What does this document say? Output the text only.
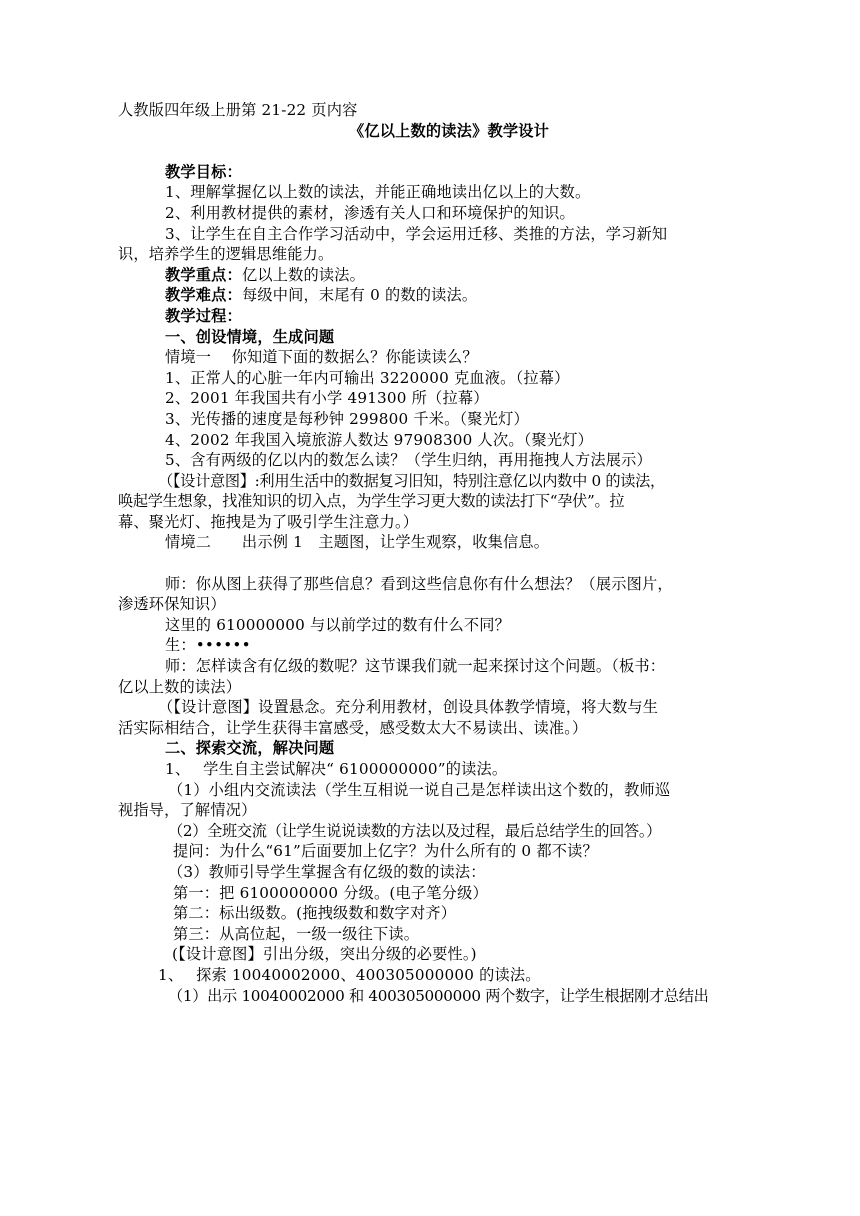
人教版四年级上册第 21-22 页内容
《亿以上数的读法》教学设计
教学目标：
1、理解掌握亿以上数的读法，并能正确地读出亿以上的大数。
2、利用教材提供的素材，渗透有关人口和环境保护的知识。
3、让学生在自主合作学习活动中，学会运用迁移、类推的方法，学习新知
识，培养学生的逻辑思维能力。
教学重点：亿以上数的读法。
教学难点：每级中间，末尾有 0 的数的读法。
教学过程：
一、创设情境，生成问题
情境一　 你知道下面的数据么？你能读读么？
1、正常人的心脏一年内可输出 3220000 克血液。（拉幕）
2、2001 年我国共有小学 491300 所（拉幕）
3、光传播的速度是每秒钟 299800 千米。（聚光灯）
4、2002 年我国入境旅游人数达 97908300 人次。（聚光灯）
5、含有两级的亿以内的数怎么读？（学生归纳，再用拖拽人方法展示）
（【设计意图】:利用生活中的数据复习旧知，特别注意亿以内数中 0 的读法，
唤起学生想象，找准知识的切入点，为学生学习更大数的读法打下“孕伏”。拉
幕、聚光灯、拖拽是为了吸引学生注意力。）
情境二　　出示例 1　主题图，让学生观察，收集信息。
师：你从图上获得了那些信息？看到这些信息你有什么想法？（展示图片，
渗透环保知识）
这里的 610000000 与以前学过的数有什么不同？
生：••••••
师：怎样读含有亿级的数呢？这节课我们就一起来探讨这个问题。（板书：
亿以上数的读法）
（【设计意图】设置悬念。充分利用教材，创设具体教学情境，将大数与生
活实际相结合，让学生获得丰富感受，感受数太大不易读出、读准。）
二、探索交流，解决问题
1、　 学生自主尝试解决“ 6100000000”的读法。
（1）小组内交流读法（学生互相说一说自己是怎样读出这个数的，教师巡
视指导，了解情况）
（2）全班交流（让学生说说读数的方法以及过程，最后总结学生的回答。）
提问：为什么“61”后面要加上亿字？为什么所有的 0 都不读？
（3）教师引导学生掌握含有亿级的数的读法：
第一：把 6100000000 分级。(电子笔分级）
第二：标出级数。(拖拽级数和数字对齐）
第三：从高位起，一级一级往下读。
(【设计意图】引出分级，突出分级的必要性。)
1、　 探索 10040002000、400305000000 的读法。
（1）出示 10040002000 和 400305000000 两个数字，让学生根据刚才总结出
